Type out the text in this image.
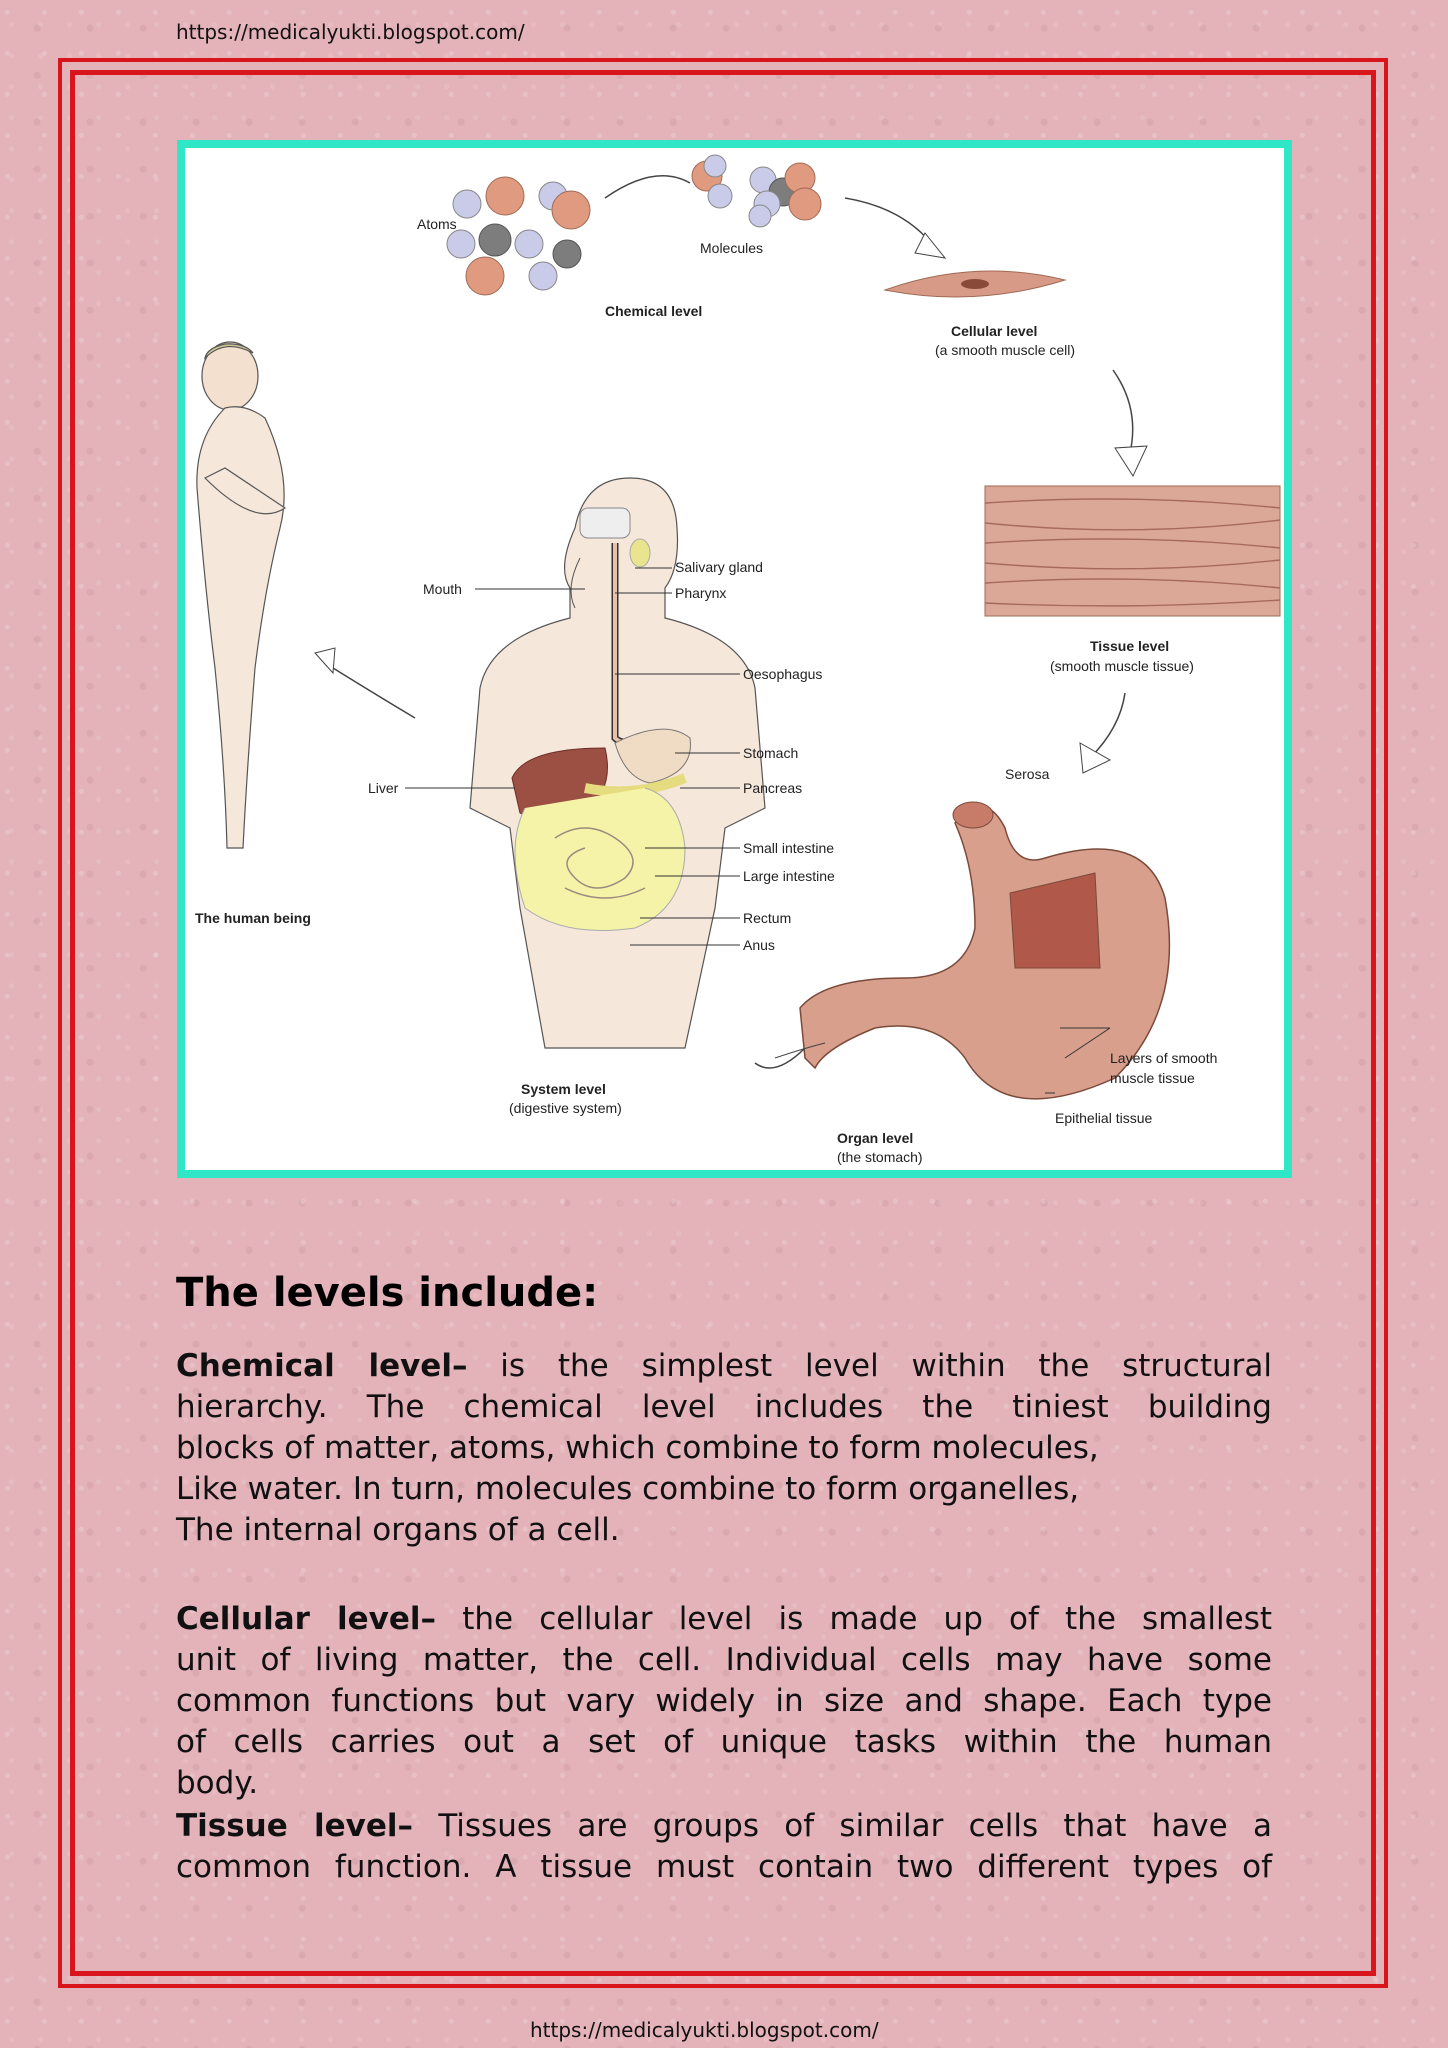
https://medicalyukti.blogspot.com/
Atoms
Molecules
Chemical level
Cellular level
(a smooth muscle cell)
Tissue level
(smooth muscle tissue)
The human being
Mouth
Salivary gland
Pharynx
Oesophagus
Liver
Stomach
Pancreas
Small intestine
Large intestine
Rectum
Anus
System level
(digestive system)
Serosa
Layers of smooth
muscle tissue
Epithelial tissue
Organ level
(the stomach)
The levels include:
Chemical level– is the simplest level within the structural
hierarchy. The chemical level includes the tiniest building
blocks of matter, atoms, which combine to form molecules,
Like water. In turn, molecules combine to form organelles,
The internal organs of a cell.
Cellular level– the cellular level is made up of the smallest
unit of living matter, the cell. Individual cells may have some
common functions but vary widely in size and shape. Each type
of cells carries out a set of unique tasks within the human
body.
Tissue level– Tissues are groups of similar cells that have a
common function. A tissue must contain two different types of
https://medicalyukti.blogspot.com/
